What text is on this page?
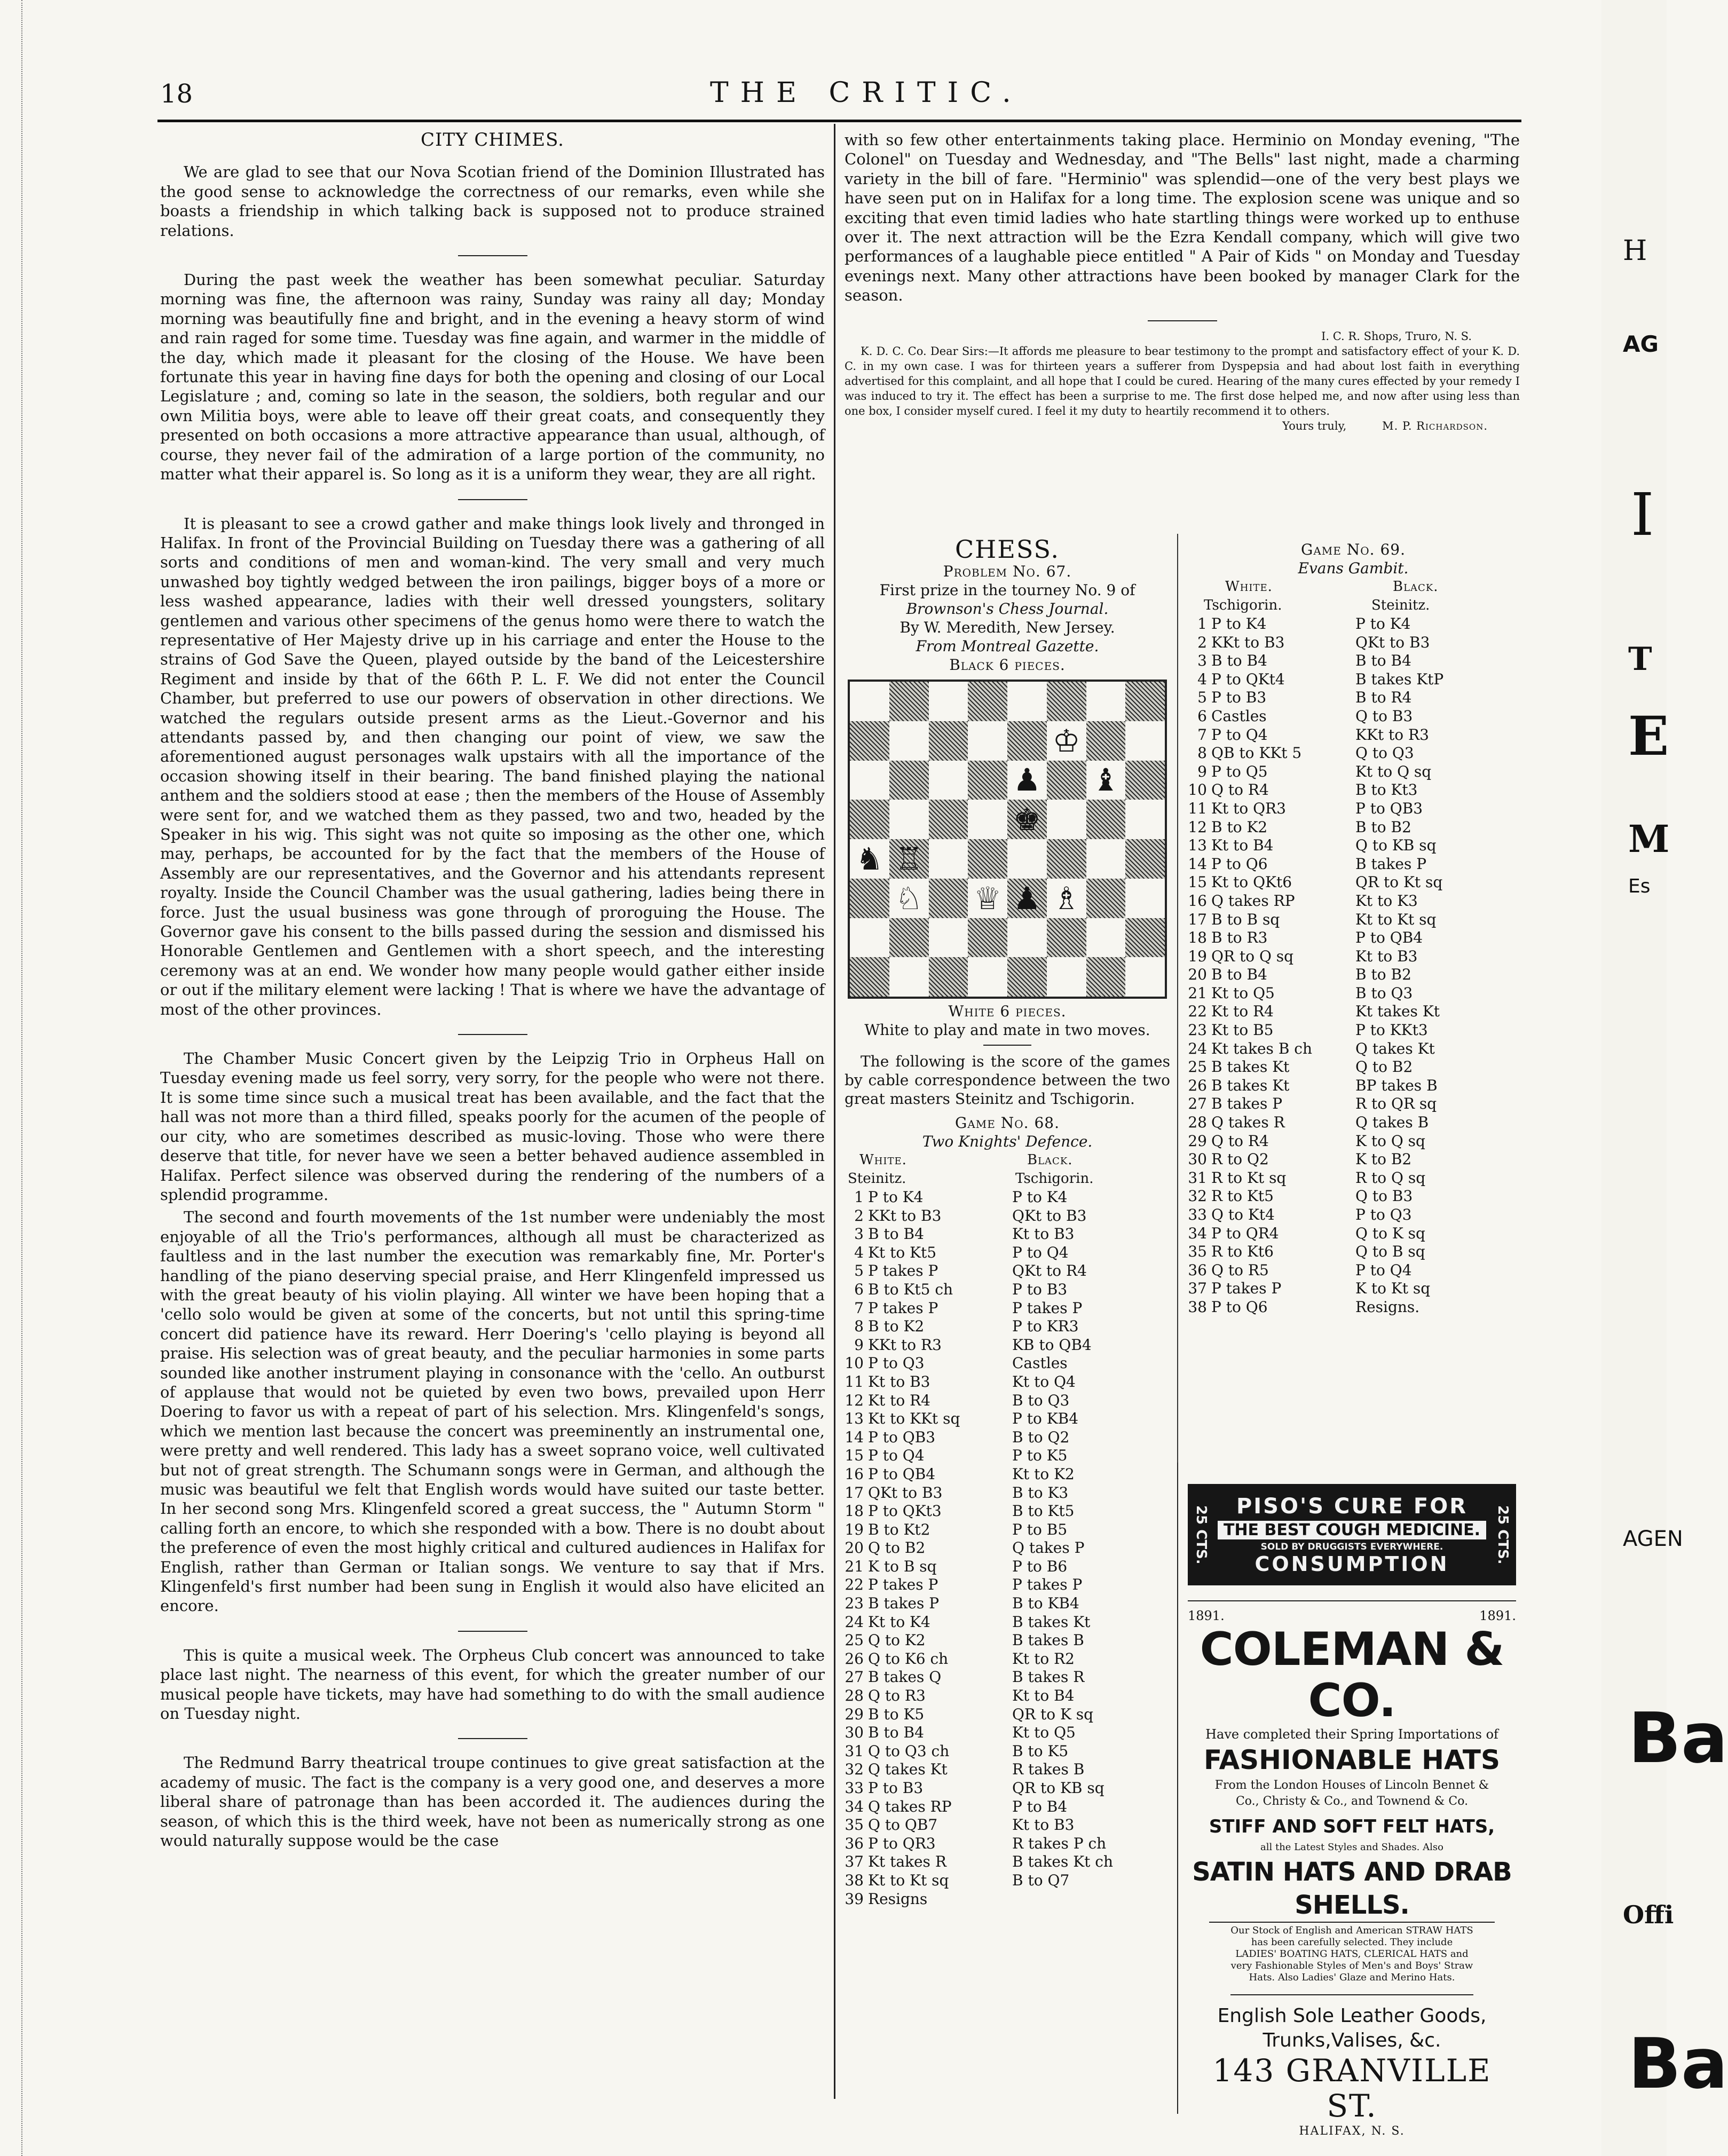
18	THE CRITIC.
CITY CHIMES.

We are glad to see that our Nova Scotian friend of the Dominion Illustrated has the good sense to acknowledge the correctness of our remarks, even while she boasts a friendship in which talking back is supposed not to produce strained relations.

During the past week the weather has been somewhat peculiar. Saturday morning was fine, the afternoon was rainy, Sunday was rainy all day; Monday morning was beautifully fine and bright, and in the evening a heavy storm of wind and rain raged for some time. Tuesday was fine again, and warmer in the middle of the day, which made it pleasant for the closing of the House. We have been fortunate this year in having fine days for both the opening and closing of our Local Legislature ; and, coming so late in the season, the soldiers, both regular and our own Militia boys, were able to leave off their great coats, and consequently they presented on both occasions a more attractive appearance than usual, although, of course, they never fail of the admiration of a large portion of the community, no matter what their apparel is. So long as it is a uniform they wear, they are all right.

It is pleasant to see a crowd gather and make things look lively and thronged in Halifax. In front of the Provincial Building on Tuesday there was a gathering of all sorts and conditions of men and woman-kind. The very small and very much unwashed boy tightly wedged between the iron pailings, bigger boys of a more or less washed appearance, ladies with their well dressed youngsters, solitary gentlemen and various other specimens of the genus homo were there to watch the representative of Her Majesty drive up in his carriage and enter the House to the strains of God Save the Queen, played outside by the band of the Leicestershire Regiment and inside by that of the 66th P. L. F. We did not enter the Council Chamber, but preferred to use our powers of observation in other directions. We watched the regulars outside present arms as the Lieut.-Governor and his attendants passed by, and then changing our point of view, we saw the aforementioned august personages walk upstairs with all the importance of the occasion showing itself in their bearing. The band finished playing the national anthem and the soldiers stood at ease ; then the members of the House of Assembly were sent for, and we watched them as they passed, two and two, headed by the Speaker in his wig. This sight was not quite so imposing as the other one, which may, perhaps, be accounted for by the fact that the members of the House of Assembly are our representatives, and the Governor and his attendants represent royalty. Inside the Council Chamber was the usual gathering, ladies being there in force. Just the usual business was gone through of proroguing the House. The Governor gave his consent to the bills passed during the session and dismissed his Honorable Gentlemen and Gentlemen with a short speech, and the interesting ceremony was at an end. We wonder how many people would gather either inside or out if the military element were lacking ! That is where we have the advantage of most of the other provinces.

The Chamber Music Concert given by the Leipzig Trio in Orpheus Hall on Tuesday evening made us feel sorry, very sorry, for the people who were not there. It is some time since such a musical treat has been available, and the fact that the hall was not more than a third filled, speaks poorly for the acumen of the people of our city, who are sometimes described as music-loving. Those who were there deserve that title, for never have we seen a better behaved audience assembled in Halifax. Perfect silence was observed during the rendering of the numbers of a splendid programme.

The second and fourth movements of the 1st number were undeniably the most enjoyable of all the Trio's performances, although all must be characterized as faultless and in the last number the execution was remarkably fine, Mr. Porter's handling of the piano deserving special praise, and Herr Klingenfeld impressed us with the great beauty of his violin playing. All winter we have been hoping that a 'cello solo would be given at some of the concerts, but not until this spring-time concert did patience have its reward. Herr Doering's 'cello playing is beyond all praise. His selection was of great beauty, and the peculiar harmonies in some parts sounded like another instrument playing in consonance with the 'cello. An outburst of applause that would not be quieted by even two bows, prevailed upon Herr Doering to favor us with a repeat of part of his selection. Mrs. Klingenfeld's songs, which we mention last because the concert was preeminently an instrumental one, were pretty and well rendered. This lady has a sweet soprano voice, well cultivated but not of great strength. The Schumann songs were in German, and although the music was beautiful we felt that English words would have suited our taste better. In her second song Mrs. Klingenfeld scored a great success, the " Autumn Storm " calling forth an encore, to which she responded with a bow. There is no doubt about the preference of even the most highly critical and cultured audiences in Halifax for English, rather than German or Italian songs. We venture to say that if Mrs. Klingenfeld's first number had been sung in English it would also have elicited an encore.

This is quite a musical week. The Orpheus Club concert was announced to take place last night. The nearness of this event, for which the greater number of our musical people have tickets, may have had something to do with the small audience on Tuesday night.

The Redmund Barry theatrical troupe continues to give great satisfaction at the academy of music. The fact is the company is a very good one, and deserves a more liberal share of patronage than has been accorded it. The audiences during the season, of which this is the third week, have not been as numerically strong as one would naturally suppose would be the case

with so few other entertainments taking place. Herminio on Monday evening, "The Colonel" on Tuesday and Wednesday, and "The Bells" last night, made a charming variety in the bill of fare. "Herminio" was splendid—one of the very best plays we have seen put on in Halifax for a long time. The explosion scene was unique and so exciting that even timid ladies who hate startling things were worked up to enthuse over it. The next attraction will be the Ezra Kendall company, which will give two performances of a laughable piece entitled " A Pair of Kids " on Monday and Tuesday evenings next. Many other attractions have been booked by manager Clark for the season.

I. C. R. Shops, Truro, N. S.
K. D. C. Co. Dear Sirs:—It affords me pleasure to bear testimony to the prompt and satisfactory effect of your K. D. C. in my own case. I was for thirteen years a sufferer from Dyspepsia and had about lost faith in everything advertised for this complaint, and all hope that I could be cured. Hearing of the many cures effected by your remedy I was induced to try it. The effect has been a surprise to me. The first dose helped me, and now after using less than one box, I consider myself cured. I feel it my duty to heartily recommend it to others.
Yours truly,	M. P. Richardson.
CHESS.
Problem No. 67.
First prize in the tourney No. 9 of
Brownson's Chess Journal.
By W. Meredith, New Jersey.
From Montreal Gazette.
Black 6 pieces.
♔
♟ ♝
♚
♞ ♖
♘ ♕ ♟ ♗
White 6 pieces.
White to play and mate in two moves.
The following is the score of the games by cable correspondence between the two great masters Steinitz and Tschigorin.
Game No. 68.
Two Knights' Defence.
White.	Black.
Steinitz.	Tschigorin.
1 P to K4	P to K4
2 KKt to B3	QKt to B3
3 B to B4	Kt to B3
4 Kt to Kt5	P to Q4
5 P takes P	QKt to R4
6 B to Kt5 ch	P to B3
7 P takes P	P takes P
8 B to K2	P to KR3
9 KKt to R3	KB to QB4
10 P to Q3	Castles
11 Kt to B3	Kt to Q4
12 Kt to R4	B to Q3
13 Kt to KKt sq	P to KB4
14 P to QB3	B to Q2
15 P to Q4	P to K5
16 P to QB4	Kt to K2
17 QKt to B3	B to K3
18 P to QKt3	B to Kt5
19 B to Kt2	P to B5
20 Q to B2	Q takes P
21 K to B sq	P to B6
22 P takes P	P takes P
23 B takes P	B to KB4
24 Kt to K4	B takes Kt
25 Q to K2	B takes B
26 Q to K6 ch	Kt to R2
27 B takes Q	B takes R
28 Q to R3	Kt to B4
29 B to K5	QR to K sq
30 B to B4	Kt to Q5
31 Q to Q3 ch	B to K5
32 Q takes Kt	R takes B
33 P to B3	QR to KB sq
34 Q takes RP	P to B4
35 Q to QB7	Kt to B3
36 P to QR3	R takes P ch
37 Kt takes R	B takes Kt ch
38 Kt to Kt sq	B to Q7
39 Resigns
Game No. 69.
Evans Gambit.
White.	Black.
Tschigorin.	Steinitz.
1 P to K4	P to K4
2 KKt to B3	QKt to B3
3 B to B4	B to B4
4 P to QKt4	B takes KtP
5 P to B3	B to R4
6 Castles	Q to B3
7 P to Q4	KKt to R3
8 QB to KKt 5	Q to Q3
9 P to Q5	Kt to Q sq
10 Q to R4	B to Kt3
11 Kt to QR3	P to QB3
12 B to K2	B to B2
13 Kt to B4	Q to KB sq
14 P to Q6	B takes P
15 Kt to QKt6	QR to Kt sq
16 Q takes RP	Kt to K3
17 B to B sq	Kt to Kt sq
18 B to R3	P to QB4
19 QR to Q sq	Kt to B3
20 B to B4	B to B2
21 Kt to Q5	B to Q3
22 Kt to R4	Kt takes Kt
23 Kt to B5	P to KKt3
24 Kt takes B ch	Q takes Kt
25 B takes Kt	Q to B2
26 B takes Kt	BP takes B
27 B takes P	R to QR sq
28 Q takes R	Q takes B
29 Q to R4	K to Q sq
30 R to Q2	K to B2
31 R to Kt sq	R to Q sq
32 R to Kt5	Q to B3
33 Q to Kt4	P to Q3
34 P to QR4	Q to K sq
35 R to Kt6	Q to B sq
36 Q to R5	P to Q4
37 P takes P	K to Kt sq
38 P to Q6	Resigns.
25 CTS.	PISO'S CURE FOR
THE BEST COUGH MEDICINE.
SOLD BY DRUGGISTS EVERYWHERE.
CONSUMPTION	25 CTS.
1891.	1891.
COLEMAN & CO.
Have completed their Spring Importations of
FASHIONABLE HATS
From the London Houses of Lincoln Bennet & Co., Christy & Co., and Townend & Co.
STIFF AND SOFT FELT HATS,
all the Latest Styles and Shades. Also
SATIN HATS AND DRAB SHELLS.
Our Stock of English and American STRAW HATS has been carefully selected. They include LADIES' BOATING HATS, CLERICAL HATS and very Fashionable Styles of Men's and Boys' Straw Hats. Also Ladies' Glaze and Merino Hats.
English Sole Leather Goods,
Trunks,Valises, &c.
143 GRANVILLE ST.
HALIFAX, N. S.
H
AG
I
T
E
M
Es
AGEN
Ba
Offi
Ba
